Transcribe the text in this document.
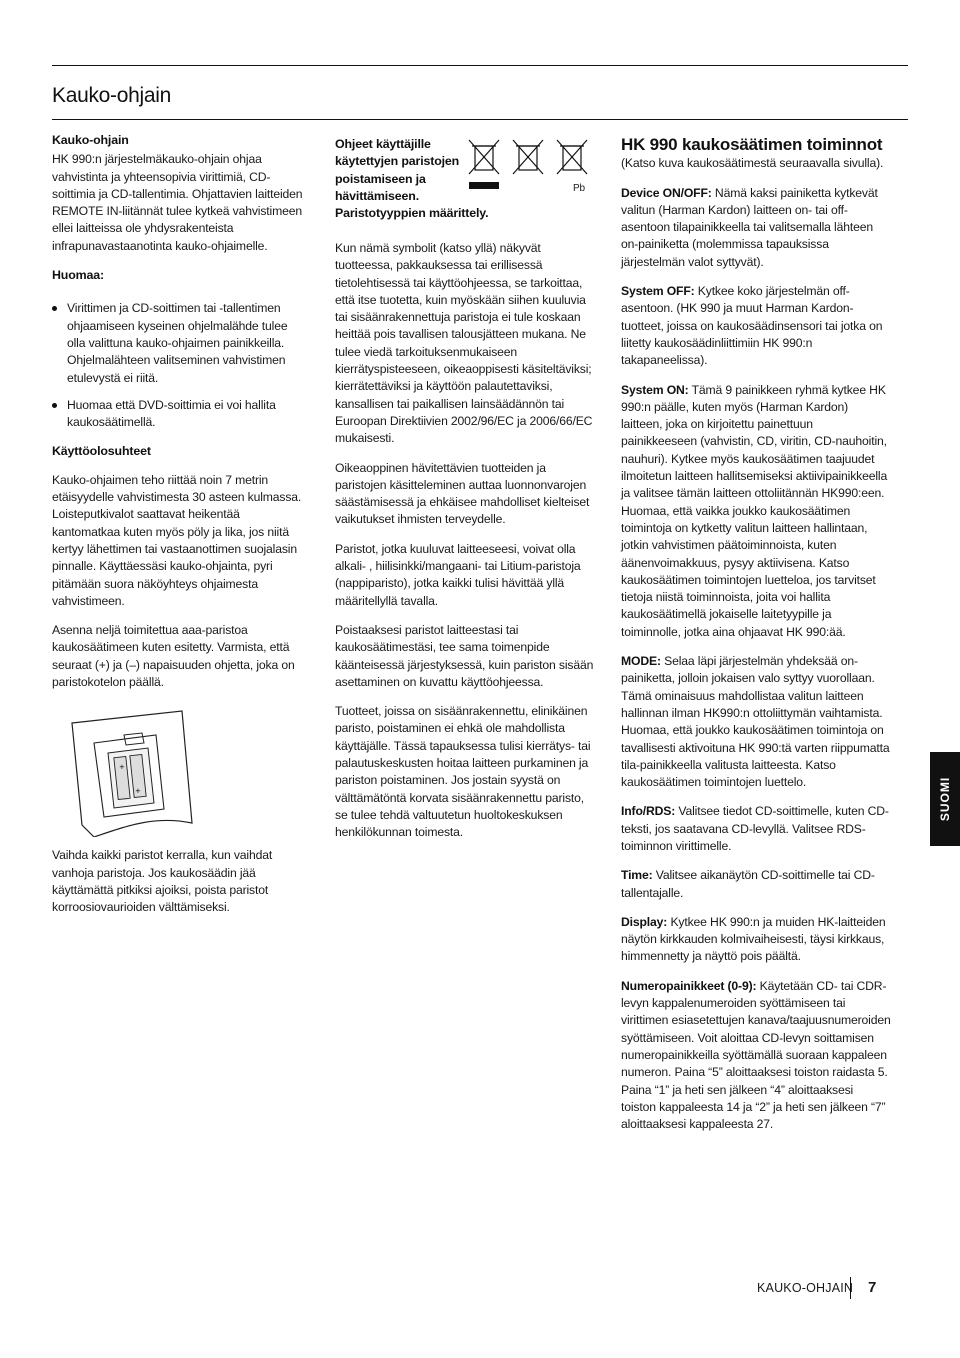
Kauko-ohjain
Kauko-ohjain

HK 990:n järjestelmäkauko-ohjain ohjaa vahvistinta ja yhteensopivia virittimiä, CD-soittimia ja CD-tallentimia. Ohjattavien laitteiden REMOTE IN-liitännät tulee kytkeä vahvistimeen ellei laitteissa ole yhdysrakenteista infrapunavastaanotinta kauko-ohjaimelle.

Huomaa:
Virittimen ja CD-soittimen tai -tallentimen ohjaamiseen kyseinen ohjelmalähde tulee olla valittuna kauko-ohjaimen painikkeilla. Ohjelmalähteen valitseminen vahvistimen etulevystä ei riitä.
Huomaa että DVD-soittimia ei voi hallita kaukosäätimellä.
Käyttöolosuhteet

Kauko-ohjaimen teho riittää noin 7 metrin etäisyydelle vahvistimesta 30 asteen kulmassa. Loisteputkivalot saattavat heikentää kantomatkaa kuten myös pöly ja lika, jos niitä kertyy lähettimen tai vastaanottimen suojalasin pinnalle. Käyttäessäsi kauko-ohjainta, pyri pitämään suora näköyhteys ohjaimesta vahvistimeen.

Asenna neljä toimitettua aaa-paristoa kaukosäätimeen kuten esitetty. Varmista, että seuraat (+) ja (–) napaisuuden ohjetta, joka on paristokotelon päällä.

+
+

Vaihda kaikki paristot kerralla, kun vaihdat vanhoja paristoja. Jos kaukosäädin jää käyttämättä pitkiksi ajoiksi, poista paristot korroosiovaurioiden välttämiseksi.

Ohjeet käyttäjille käytettyjen paristojen poistamiseen ja hävittämiseen.
Paristotyyppien määrittely.
Pb

Kun nämä symbolit (katso yllä) näkyvät tuotteessa, pakkauksessa tai erillisessä tietolehtisessä tai käyttöohjeessa, se tarkoittaa, että itse tuotetta, kuin myöskään siihen kuuluvia tai sisäänrakennettuja paristoja ei tule koskaan heittää pois tavallisen talousjätteen mukana. Ne tulee viedä tarkoituksenmukaiseen kierrätyspisteeseen, oikeaoppisesti käsiteltäviksi; kierrätettäviksi ja käyttöön palautettaviksi, kansallisen tai paikallisen lainsäädännön tai Euroopan Direktiivien 2002/96/EC ja 2006/66/EC mukaisesti.

Oikeaoppinen hävitettävien tuotteiden ja paristojen käsitteleminen auttaa luonnonvarojen säästämisessä ja ehkäisee mahdolliset kielteiset vaikutukset ihmisten terveydelle.

Paristot, jotka kuuluvat laitteeseesi, voivat olla alkali- , hiilisinkki/mangaani- tai Litium-paristoja (nappiparisto), jotka kaikki tulisi hävittää yllä määritellyllä tavalla.

Poistaaksesi paristot laitteestasi tai kaukosäätimestäsi, tee sama toimenpide käänteisessä järjestyksessä, kuin pariston sisään asettaminen on kuvattu käyttöohjeessa.

Tuotteet, joissa on sisäänrakennettu, elinikäinen paristo, poistaminen ei ehkä ole mahdollista käyttäjälle. Tässä tapauksessa tulisi kierrätys- tai palautuskeskusten hoitaa laitteen purkaminen ja pariston poistaminen. Jos jostain syystä on välttämätöntä korvata sisäänrakennettu paristo, se tulee tehdä valtuutetun huoltokeskuksen henkilökunnan toimesta.

HK 990 kaukosäätimen toiminnot

(Katso kuva kaukosäätimestä seuraavalla sivulla).

Device ON/OFF: Nämä kaksi painiketta kytkevät valitun (Harman Kardon) laitteen on- tai off-asentoon tilapainikkeella tai valitsemalla lähteen on-painiketta (molemmissa tapauksissa järjestelmän valot syttyvät).

System OFF: Kytkee koko järjestelmän off-asentoon. (HK 990 ja muut Harman Kardon-tuotteet, joissa on kaukosäädinsensori tai jotka on liitetty kaukosäädinliittimiin HK 990:n takapaneelissa).

System ON: Tämä 9 painikkeen ryhmä kytkee HK 990:n päälle, kuten myös (Harman Kardon) laitteen, joka on kirjoitettu painettuun painikkeeseen (vahvistin, CD, viritin, CD-nauhoitin, nauhuri). Kytkee myös kaukosäätimen taajuudet ilmoitetun laitteen hallitsemiseksi aktiivipainikkeella ja valitsee tämän laitteen ottoliitännän HK990:een. Huomaa, että vaikka joukko kaukosäätimen toimintoja on kytketty valitun laitteen hallintaan, jotkin vahvistimen päätoiminnoista, kuten äänenvoimakkuus, pysyy aktiivisena. Katso kaukosäätimen toimintojen luetteloa, jos tarvitset tietoja niistä toiminnoista, joita voi hallita kaukosäätimellä jokaiselle laitetyypille ja toiminnolle, jotka aina ohjaavat HK 990:ää.

MODE: Selaa läpi järjestelmän yhdeksää on-painiketta, jolloin jokaisen valo syttyy vuorollaan. Tämä ominaisuus mahdollistaa valitun laitteen hallinnan ilman HK990:n ottoliittymän vaihtamista. Huomaa, että joukko kaukosäätimen toimintoja on tavallisesti aktivoituna HK 990:tä varten riippumatta tila-painikkeella valitusta laitteesta. Katso kaukosäätimen toimintojen luettelo.

Info/RDS: Valitsee tiedot CD-soittimelle, kuten CD-teksti, jos saatavana CD-levyllä. Valitsee RDS-toiminnon virittimelle.

Time: Valitsee aikanäytön CD-soittimelle tai CD-tallentajalle.

Display: Kytkee HK 990:n ja muiden HK-laitteiden näytön kirkkauden kolmivaiheisesti, täysi kirkkaus, himmennetty ja näyttö pois päältä.

Numeropainikkeet (0-9): Käytetään CD- tai CDR-levyn kappalenumeroiden syöttämiseen tai virittimen esiasetettujen kanava/taajuusnumeroiden syöttämiseen. Voit aloittaa CD-levyn soittamisen numeropainikkeilla syöttämällä suoraan kappaleen numeron. Paina “5” aloittaaksesi toiston raidasta 5. Paina “1” ja heti sen jälkeen “4” aloittaaksesi toiston kappaleesta 14 ja “2” ja heti sen jälkeen “7” aloittaaksesi kappaleesta 27.

SUOMI
KAUKO-OHJAIN 7
